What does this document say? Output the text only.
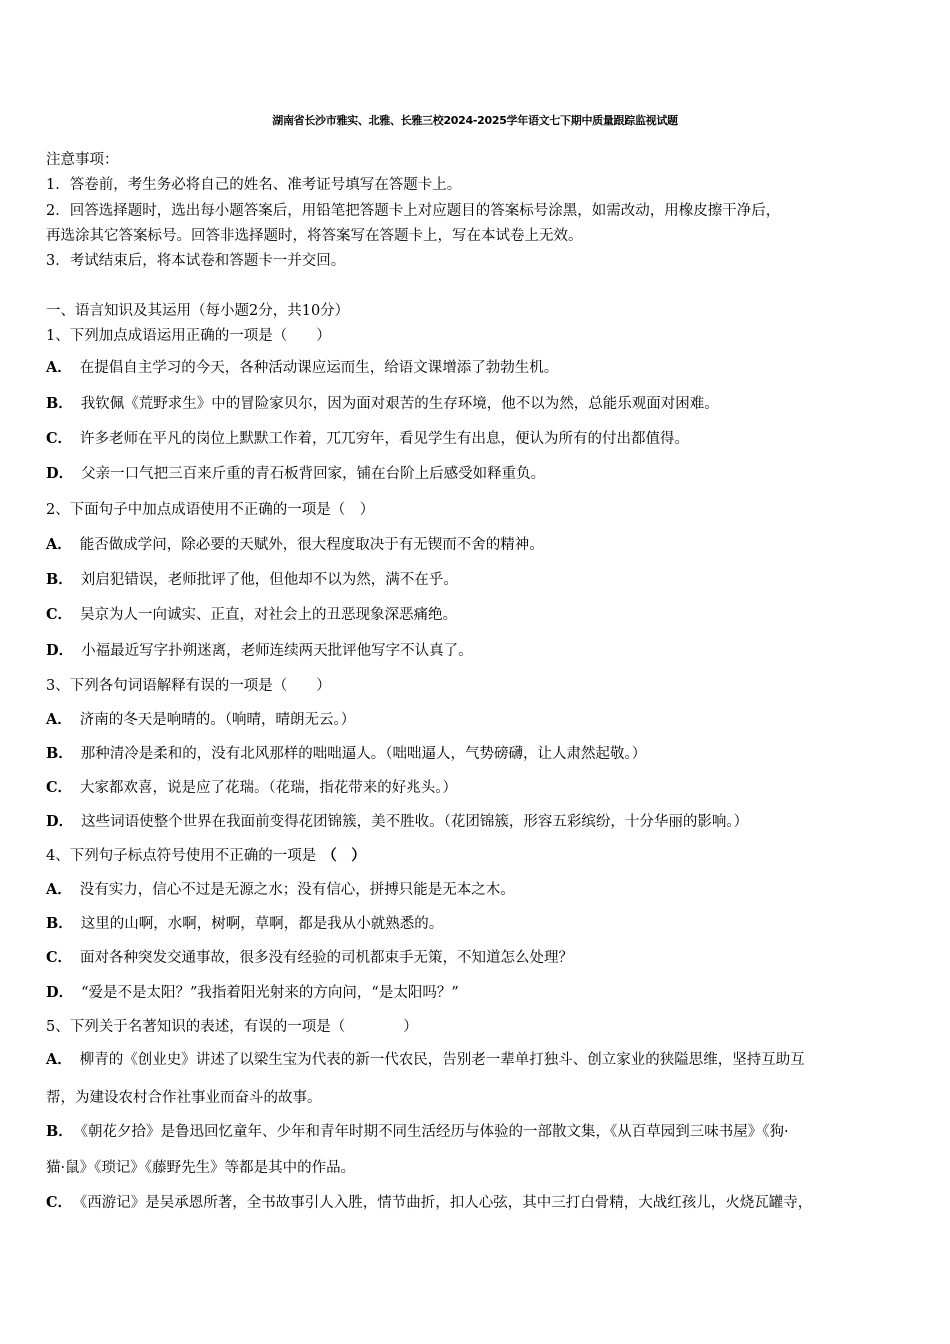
湖南省长沙市雅实、北雅、长雅三校2024-2025学年语文七下期中质量跟踪监视试题
注意事项：
1．答卷前，考生务必将自己的姓名、准考证号填写在答题卡上。
2．回答选择题时，选出每小题答案后，用铅笔把答题卡上对应题目的答案标号涂黑，如需改动，用橡皮擦干净后，
再选涂其它答案标号。回答非选择题时，将答案写在答题卡上，写在本试卷上无效。
3．考试结束后，将本试卷和答题卡一并交回。
一、语言知识及其运用（每小题2分，共10分）
1、下列加点成语运用正确的一项是（　　）
A． 在提倡自主学习的今天，各种活动课应运而生，给语文课增添了勃勃生机。
B． 我钦佩《荒野求生》中的冒险家贝尔，因为面对艰苦的生存环境，他不以为然，总能乐观面对困难。
C． 许多老师在平凡的岗位上默默工作着，兀兀穷年，看见学生有出息，便认为所有的付出都值得。
D． 父亲一口气把三百来斤重的青石板背回家，铺在台阶上后感受如释重负。
2、下面句子中加点成语使用不正确的一项是（　）
A． 能否做成学问，除必要的天赋外，很大程度取决于有无锲而不舍的精神。
B． 刘启犯错误，老师批评了他，但他却不以为然，满不在乎。
C． 吴京为人一向诚实、正直，对社会上的丑恶现象深恶痛绝。
D． 小福最近写字扑朔迷离，老师连续两天批评他写字不认真了。
3、下列各句词语解释有误的一项是（　　）
A． 济南的冬天是响晴的。（响晴，晴朗无云。）
B． 那种清冷是柔和的，没有北风那样的咄咄逼人。（咄咄逼人，气势磅礴，让人肃然起敬。）
C． 大家都欢喜，说是应了花瑞。（花瑞，指花带来的好兆头。）
D． 这些词语使整个世界在我面前变得花团锦簇，美不胜收。（花团锦簇，形容五彩缤纷，十分华丽的影响。）
4、下列句子标点符号使用不正确的一项是 （　）
A． 没有实力，信心不过是无源之水；没有信心，拼搏只能是无本之木。
B． 这里的山啊，水啊，树啊，草啊，都是我从小就熟悉的。
C． 面对各种突发交通事故，很多没有经验的司机都束手无策，不知道怎么处理？
D． “爱是不是太阳？”我指着阳光射来的方向问，“是太阳吗？”
5、下列关于名著知识的表述，有误的一项是（　　　　）
A． 柳青的《创业史》讲述了以梁生宝为代表的新一代农民，告别老一辈单打独斗、创立家业的狭隘思维，坚持互助互
帮，为建设农村合作社事业而奋斗的故事。
B． 《朝花夕拾》是鲁迅回忆童年、少年和青年时期不同生活经历与体验的一部散文集，《从百草园到三味书屋》《狗·
猫·鼠》《琐记》《藤野先生》等都是其中的作品。
C． 《西游记》是吴承恩所著，全书故事引人入胜，情节曲折，扣人心弦，其中三打白骨精，大战红孩儿，火烧瓦罐寺，
